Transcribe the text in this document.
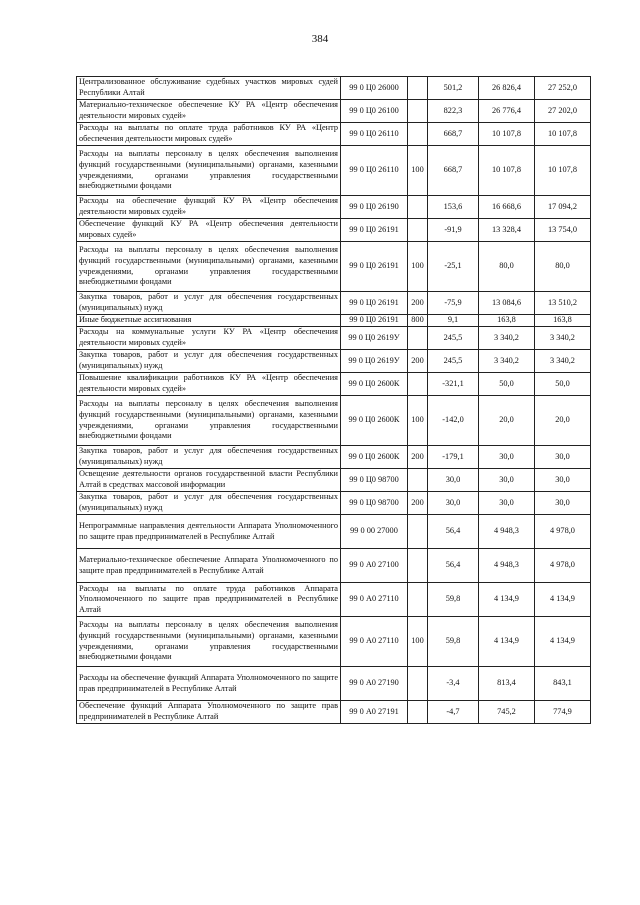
384
Централизованное обслуживание судебных участков мировых судей Республики Алтай	99 0 Ц0 26000		501,2	26 826,4	27 252,0
Материально-техническое обеспечение КУ РА «Центр обеспечения деятельности мировых судей»	99 0 Ц0 26100		822,3	26 776,4	27 202,0
Расходы на выплаты по оплате труда работников КУ РА «Центр обеспечения деятельности мировых судей»	99 0 Ц0 26110		668,7	10 107,8	10 107,8
Расходы на выплаты персоналу в целях обеспечения выполнения функций государственными (муниципальными) органами, казенными учреждениями, органами управления государственными внебюджетными фондами	99 0 Ц0 26110	100	668,7	10 107,8	10 107,8
Расходы на обеспечение функций КУ РА «Центр обеспечения деятельности мировых судей»	99 0 Ц0 26190		153,6	16 668,6	17 094,2
Обеспечение функций КУ РА «Центр обеспечения деятельности мировых судей»	99 0 Ц0 26191		-91,9	13 328,4	13 754,0
Расходы на выплаты персоналу в целях обеспечения выполнения функций государственными (муниципальными) органами, казенными учреждениями, органами управления государственными внебюджетными фондами	99 0 Ц0 26191	100	-25,1	80,0	80,0
Закупка товаров, работ и услуг для обеспечения государственных (муниципальных) нужд	99 0 Ц0 26191	200	-75,9	13 084,6	13 510,2
Иные бюджетные ассигнования	99 0 Ц0 26191	800	9,1	163,8	163,8
Расходы на коммунальные услуги КУ РА «Центр обеспечения деятельности мировых судей»	99 0 Ц0 2619У		245,5	3 340,2	3 340,2
Закупка товаров, работ и услуг для обеспечения государственных (муниципальных) нужд	99 0 Ц0 2619У	200	245,5	3 340,2	3 340,2
Повышение квалификации работников КУ РА «Центр обеспечения деятельности мировых судей»	99 0 Ц0 2600К		-321,1	50,0	50,0
Расходы на выплаты персоналу в целях обеспечения выполнения функций государственными (муниципальными) органами, казенными учреждениями, органами управления государственными внебюджетными фондами	99 0 Ц0 2600К	100	-142,0	20,0	20,0
Закупка товаров, работ и услуг для обеспечения государственных (муниципальных) нужд	99 0 Ц0 2600К	200	-179,1	30,0	30,0
Освещение деятельности органов государственной власти Республики Алтай в средствах массовой информации	99 0 Ц0 98700		30,0	30,0	30,0
Закупка товаров, работ и услуг для обеспечения государственных (муниципальных) нужд	99 0 Ц0 98700	200	30,0	30,0	30,0
Непрограммные направления деятельности Аппарата Уполномоченного по защите прав предпринимателей в Республике Алтай	99 0 00 27000		56,4	4 948,3	4 978,0
Материально-техническое обеспечение Аппарата Уполномоченного по защите прав предпринимателей в Республике Алтай	99 0 А0 27100		56,4	4 948,3	4 978,0
Расходы на выплаты по оплате труда работников Аппарата Уполномоченного по защите прав предпринимателей в Республике Алтай	99 0 А0 27110		59,8	4 134,9	4 134,9
Расходы на выплаты персоналу в целях обеспечения выполнения функций государственными (муниципальными) органами, казенными учреждениями, органами управления государственными внебюджетными фондами	99 0 А0 27110	100	59,8	4 134,9	4 134,9
Расходы на обеспечение функций Аппарата Уполномоченного по защите прав предпринимателей в Республике Алтай	99 0 А0 27190		-3,4	813,4	843,1
Обеспечение функций Аппарата Уполномоченного по защите прав предпринимателей в Республике Алтай	99 0 А0 27191		-4,7	745,2	774,9
